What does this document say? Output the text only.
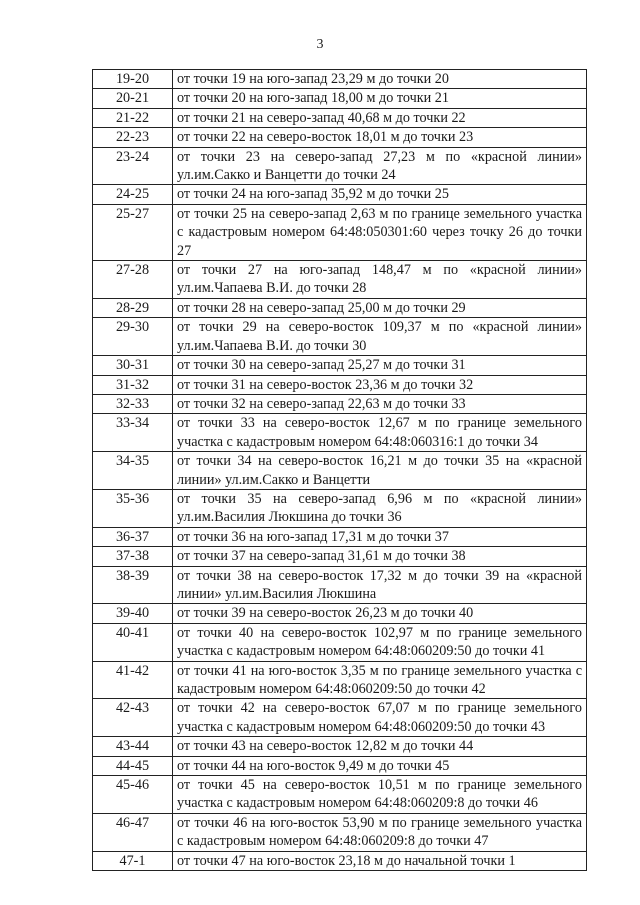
3
19-20	от точки 19 на юго-запад 23,29 м до точки 20
20-21	от точки 20 на юго-запад 18,00 м до точки 21
21-22	от точки 21 на северо-запад 40,68 м до точки 22
22-23	от точки 22 на северо-восток 18,01 м до точки 23
23-24	от точки 23 на северо-запад 27,23 м по «красной линии» ул.им.Сакко и Ванцетти до точки 24
24-25	от точки 24 на юго-запад 35,92 м до точки 25
25-27	от точки 25 на северо-запад 2,63 м по границе земельного участка с кадастровым номером 64:48:050301:60 через точку 26 до точки 27
27-28	от точки 27 на юго-запад 148,47 м по «красной линии» ул.им.Чапаева В.И. до точки 28
28-29	от точки 28 на северо-запад 25,00 м до точки 29
29-30	от точки 29 на северо-восток 109,37 м по «красной линии» ул.им.Чапаева В.И. до точки 30
30-31	от точки 30 на северо-запад 25,27 м до точки 31
31-32	от точки 31 на северо-восток 23,36 м до точки 32
32-33	от точки 32 на северо-запад 22,63 м до точки 33
33-34	от точки 33 на северо-восток 12,67 м по границе земельного участка с кадастровым номером 64:48:060316:1 до точки 34
34-35	от точки 34 на северо-восток 16,21 м до точки 35 на «красной линии» ул.им.Сакко и Ванцетти
35-36	от точки 35 на северо-запад 6,96 м по «красной линии» ул.им.Василия Люкшина до точки 36
36-37	от точки 36 на юго-запад 17,31 м до точки 37
37-38	от точки 37 на северо-запад 31,61 м до точки 38
38-39	от точки 38 на северо-восток 17,32 м до точки 39 на «красной линии» ул.им.Василия Люкшина
39-40	от точки 39 на северо-восток 26,23 м до точки 40
40-41	от точки 40 на северо-восток 102,97 м по границе земельного участка с кадастровым номером 64:48:060209:50 до точки 41
41-42	от точки 41 на юго-восток 3,35 м по границе земельного участка с кадастровым номером 64:48:060209:50 до точки 42
42-43	от точки 42 на северо-восток 67,07 м по границе земельного участка с кадастровым номером 64:48:060209:50 до точки 43
43-44	от точки 43 на северо-восток 12,82 м до точки 44
44-45	от точки 44 на юго-восток 9,49 м до точки 45
45-46	от точки 45 на северо-восток 10,51 м по границе земельного участка с кадастровым номером 64:48:060209:8 до точки 46
46-47	от точки 46 на юго-восток 53,90 м по границе земельного участка с кадастровым номером 64:48:060209:8 до точки 47
47-1	от точки 47 на юго-восток 23,18 м до начальной точки 1
